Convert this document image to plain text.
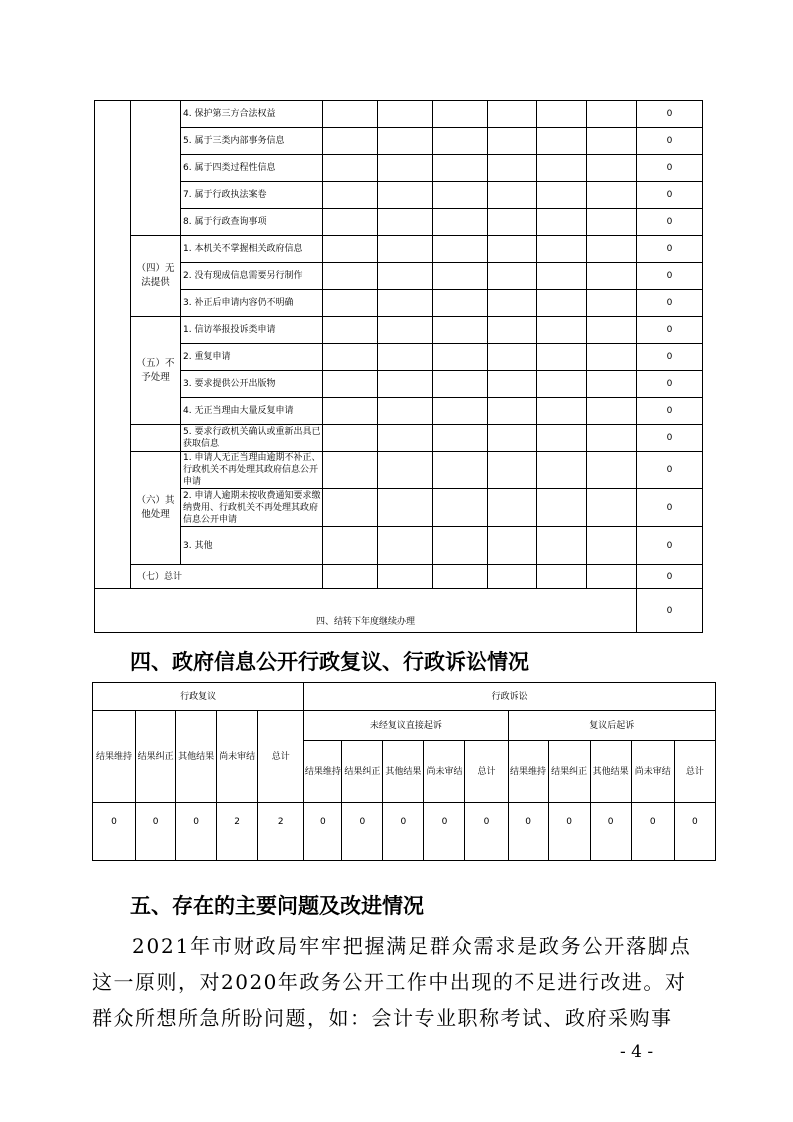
		4. 保护第三方合法权益							0
		5. 属于三类内部事务信息							0
		6. 属于四类过程性信息							0
		7. 属于行政执法案卷							0
		8. 属于行政查询事项							0
	（四）无法提供	1. 本机关不掌握相关政府信息							0
		2. 没有现成信息需要另行制作							0
		3. 补正后申请内容仍不明确							0
	（五）不予处理	1. 信访举报投诉类申请							0
		2. 重复申请							0
		3. 要求提供公开出版物							0
		4. 无正当理由大量反复申请							0
		5. 要求行政机关确认或重新出具已获取信息							0
	（六）其他处理	1. 申请人无正当理由逾期不补正、行政机关不再处理其政府信息公开申请							0
		2. 申请人逾期未按收费通知要求缴纳费用、行政机关不再处理其政府信息公开申请							0
		3. 其他							0
	（七）总计								0
四、结转下年度继续办理									0
四、政府信息公开行政复议、行政诉讼情况
行政复议					行政诉讼									
结果维持	结果纠正	其他结果	尚未审结	总计	未经复议直接起诉					复议后起诉				
					结果维持	结果纠正	其他结果	尚未审结	总计	结果维持	结果纠正	其他结果	尚未审结	总计
0	0	0	2	2	0	0	0	0	0	0	0	0	0	0
五、存在的主要问题及改进情况
2021年市财政局牢牢把握满足群众需求是政务公开落脚点
这一原则，对2020年政务公开工作中出现的不足进行改进。对
群众所想所急所盼问题，如：会计专业职称考试、政府采购事
- 4 -
